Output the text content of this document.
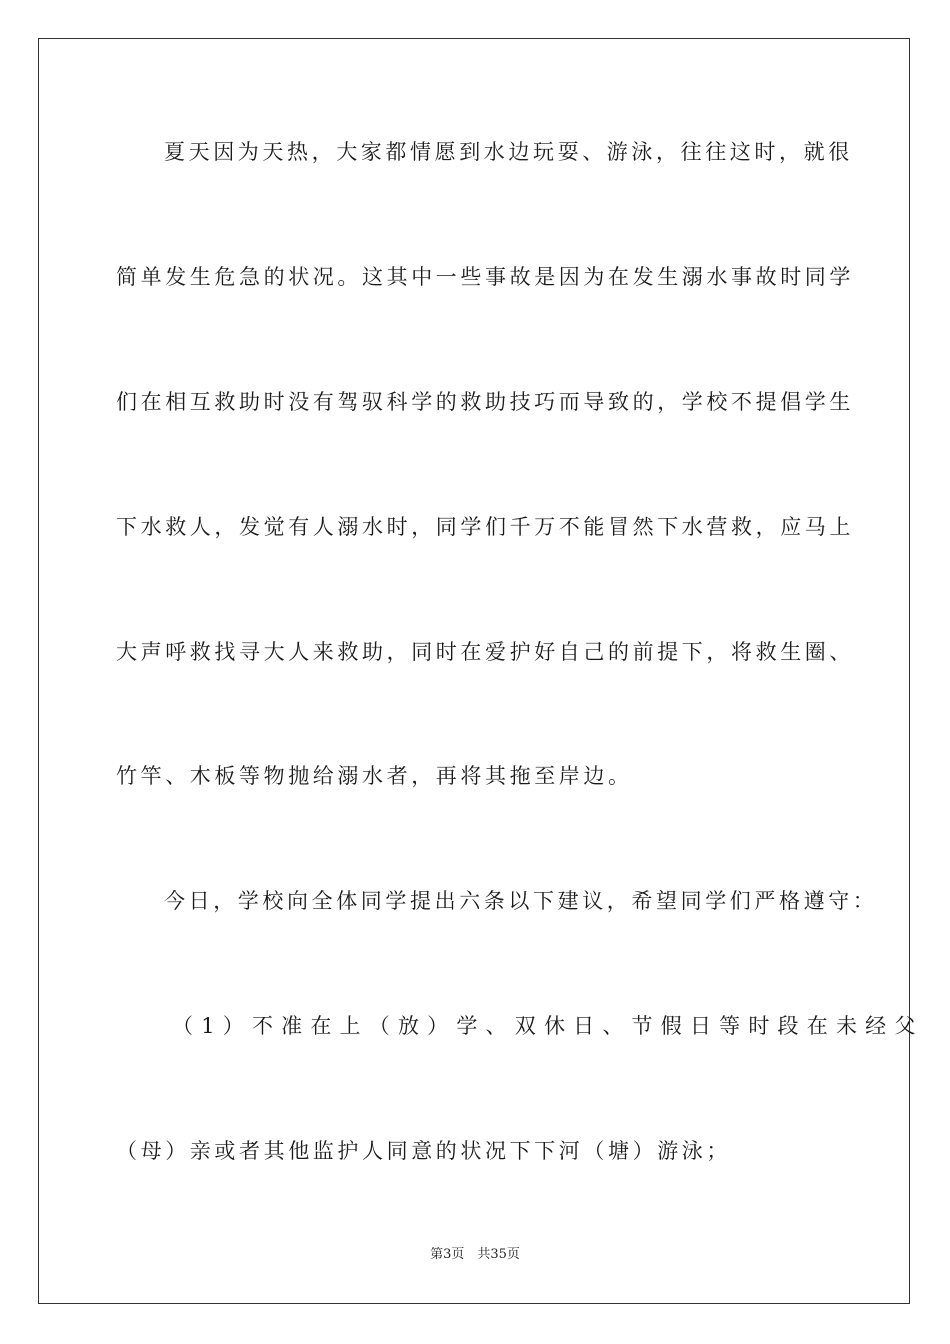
夏天因为天热，大家都情愿到水边玩耍、游泳，往往这时，就很
简单发生危急的状况。这其中一些事故是因为在发生溺水事故时同学
们在相互救助时没有驾驭科学的救助技巧而导致的，学校不提倡学生
下水救人，发觉有人溺水时，同学们千万不能冒然下水营救，应马上
大声呼救找寻大人来救助，同时在爱护好自己的前提下，将救生圈、
竹竿、木板等物抛给溺水者，再将其拖至岸边。
今日，学校向全体同学提出六条以下建议，希望同学们严格遵守：
（1）不准在上（放）学、双休日、节假日等时段在未经父
（母）亲或者其他监护人同意的状况下下河（塘）游泳；
第3页　共35页
